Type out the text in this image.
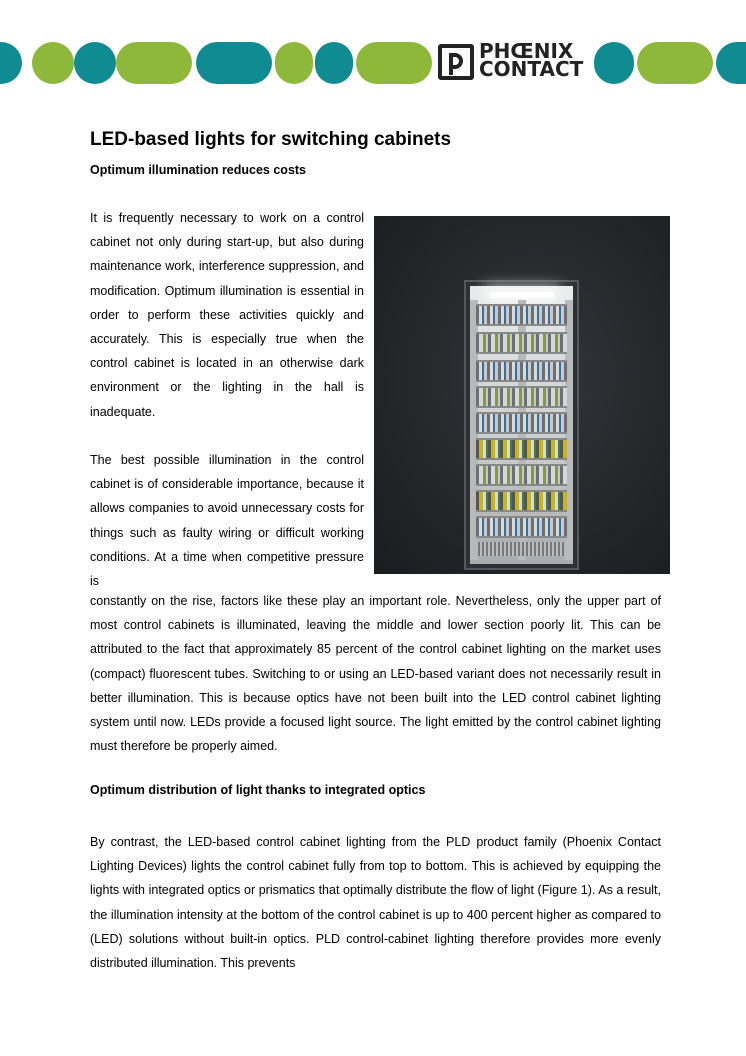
PHŒNIX
CONTACT
LED-based lights for switching cabinets

Optimum illumination reduces costs

It is frequently necessary to work on a control cabinet not only during start-up, but also during maintenance work, interference suppression, and modification. Optimum illumination is essential in order to perform these activities quickly and accurately. This is especially true when the control cabinet is located in an otherwise dark environment or the lighting in the hall is inadequate.

The best possible illumination in the control cabinet is of considerable importance, because it allows companies to avoid unnecessary costs for things such as faulty wiring or difficult working conditions. At a time when competitive pressure is

constantly on the rise, factors like these play an important role. Nevertheless, only the upper part of most control cabinets is illuminated, leaving the middle and lower section poorly lit. This can be attributed to the fact that approximately 85 percent of the control cabinet lighting on the market uses (compact) fluorescent tubes. Switching to or using an LED-based variant does not necessarily result in better illumination. This is because optics have not been built into the LED control cabinet lighting system until now. LEDs provide a focused light source. The light emitted by the control cabinet lighting must therefore be properly aimed.

Optimum distribution of light thanks to integrated optics

By contrast, the LED-based control cabinet lighting from the PLD product family (Phoenix Contact Lighting Devices) lights the control cabinet fully from top to bottom. This is achieved by equipping the lights with integrated optics or prismatics that optimally distribute the flow of light (Figure 1). As a result, the illumination intensity at the bottom of the control cabinet is up to 400 percent higher as compared to (LED) solutions without built-in optics. PLD control-cabinet lighting therefore provides more evenly distributed illumination. This prevents
